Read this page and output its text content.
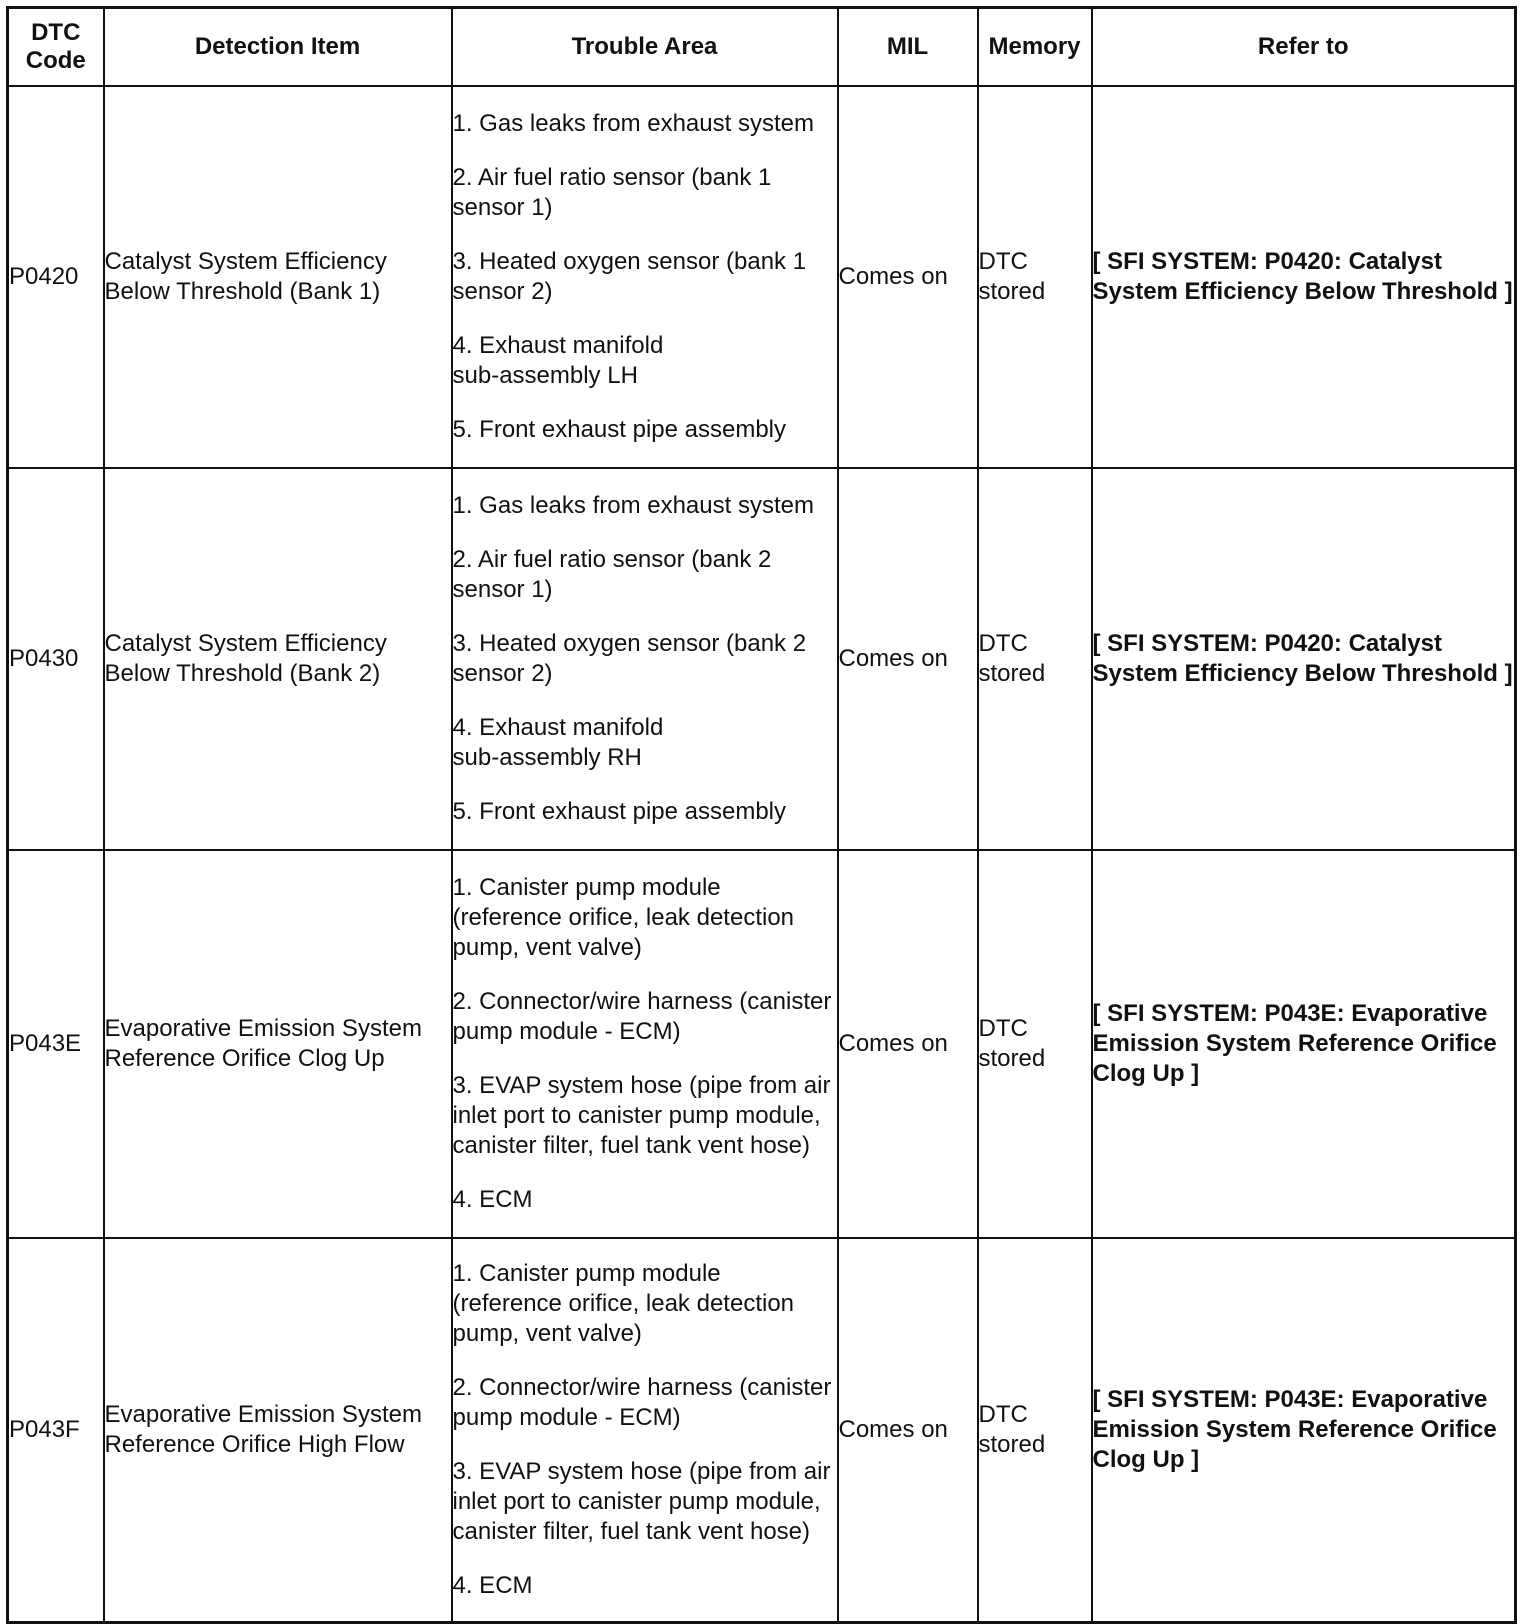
DTC Code	Detection Item	Trouble Area	MIL	Memory	Refer to
P0420	Catalyst System Efficiency Below Threshold (Bank 1)	1. Gas leaks from exhaust system
2. Air fuel ratio sensor (bank 1 sensor 1)
3. Heated oxygen sensor (bank 1 sensor 2)
4. Exhaust manifold sub-assembly LH
5. Front exhaust pipe assembly	Comes on	DTC stored	[ SFI SYSTEM: P0420: Catalyst System Efficiency Below Threshold ]
P0430	Catalyst System Efficiency Below Threshold (Bank 2)	1. Gas leaks from exhaust system
2. Air fuel ratio sensor (bank 2 sensor 1)
3. Heated oxygen sensor (bank 2 sensor 2)
4. Exhaust manifold sub-assembly RH
5. Front exhaust pipe assembly	Comes on	DTC stored	[ SFI SYSTEM: P0420: Catalyst System Efficiency Below Threshold ]
P043E	Evaporative Emission System Reference Orifice Clog Up	1. Canister pump module (reference orifice, leak detection pump, vent valve)
2. Connector/wire harness (canister pump module - ECM)
3. EVAP system hose (pipe from air inlet port to canister pump module, canister filter, fuel tank vent hose)
4. ECM	Comes on	DTC stored	[ SFI SYSTEM: P043E: Evaporative Emission System Reference Orifice Clog Up ]
P043F	Evaporative Emission System Reference Orifice High Flow	1. Canister pump module (reference orifice, leak detection pump, vent valve)
2. Connector/wire harness (canister pump module - ECM)
3. EVAP system hose (pipe from air inlet port to canister pump module, canister filter, fuel tank vent hose)
4. ECM	Comes on	DTC stored	[ SFI SYSTEM: P043E: Evaporative Emission System Reference Orifice Clog Up ]
